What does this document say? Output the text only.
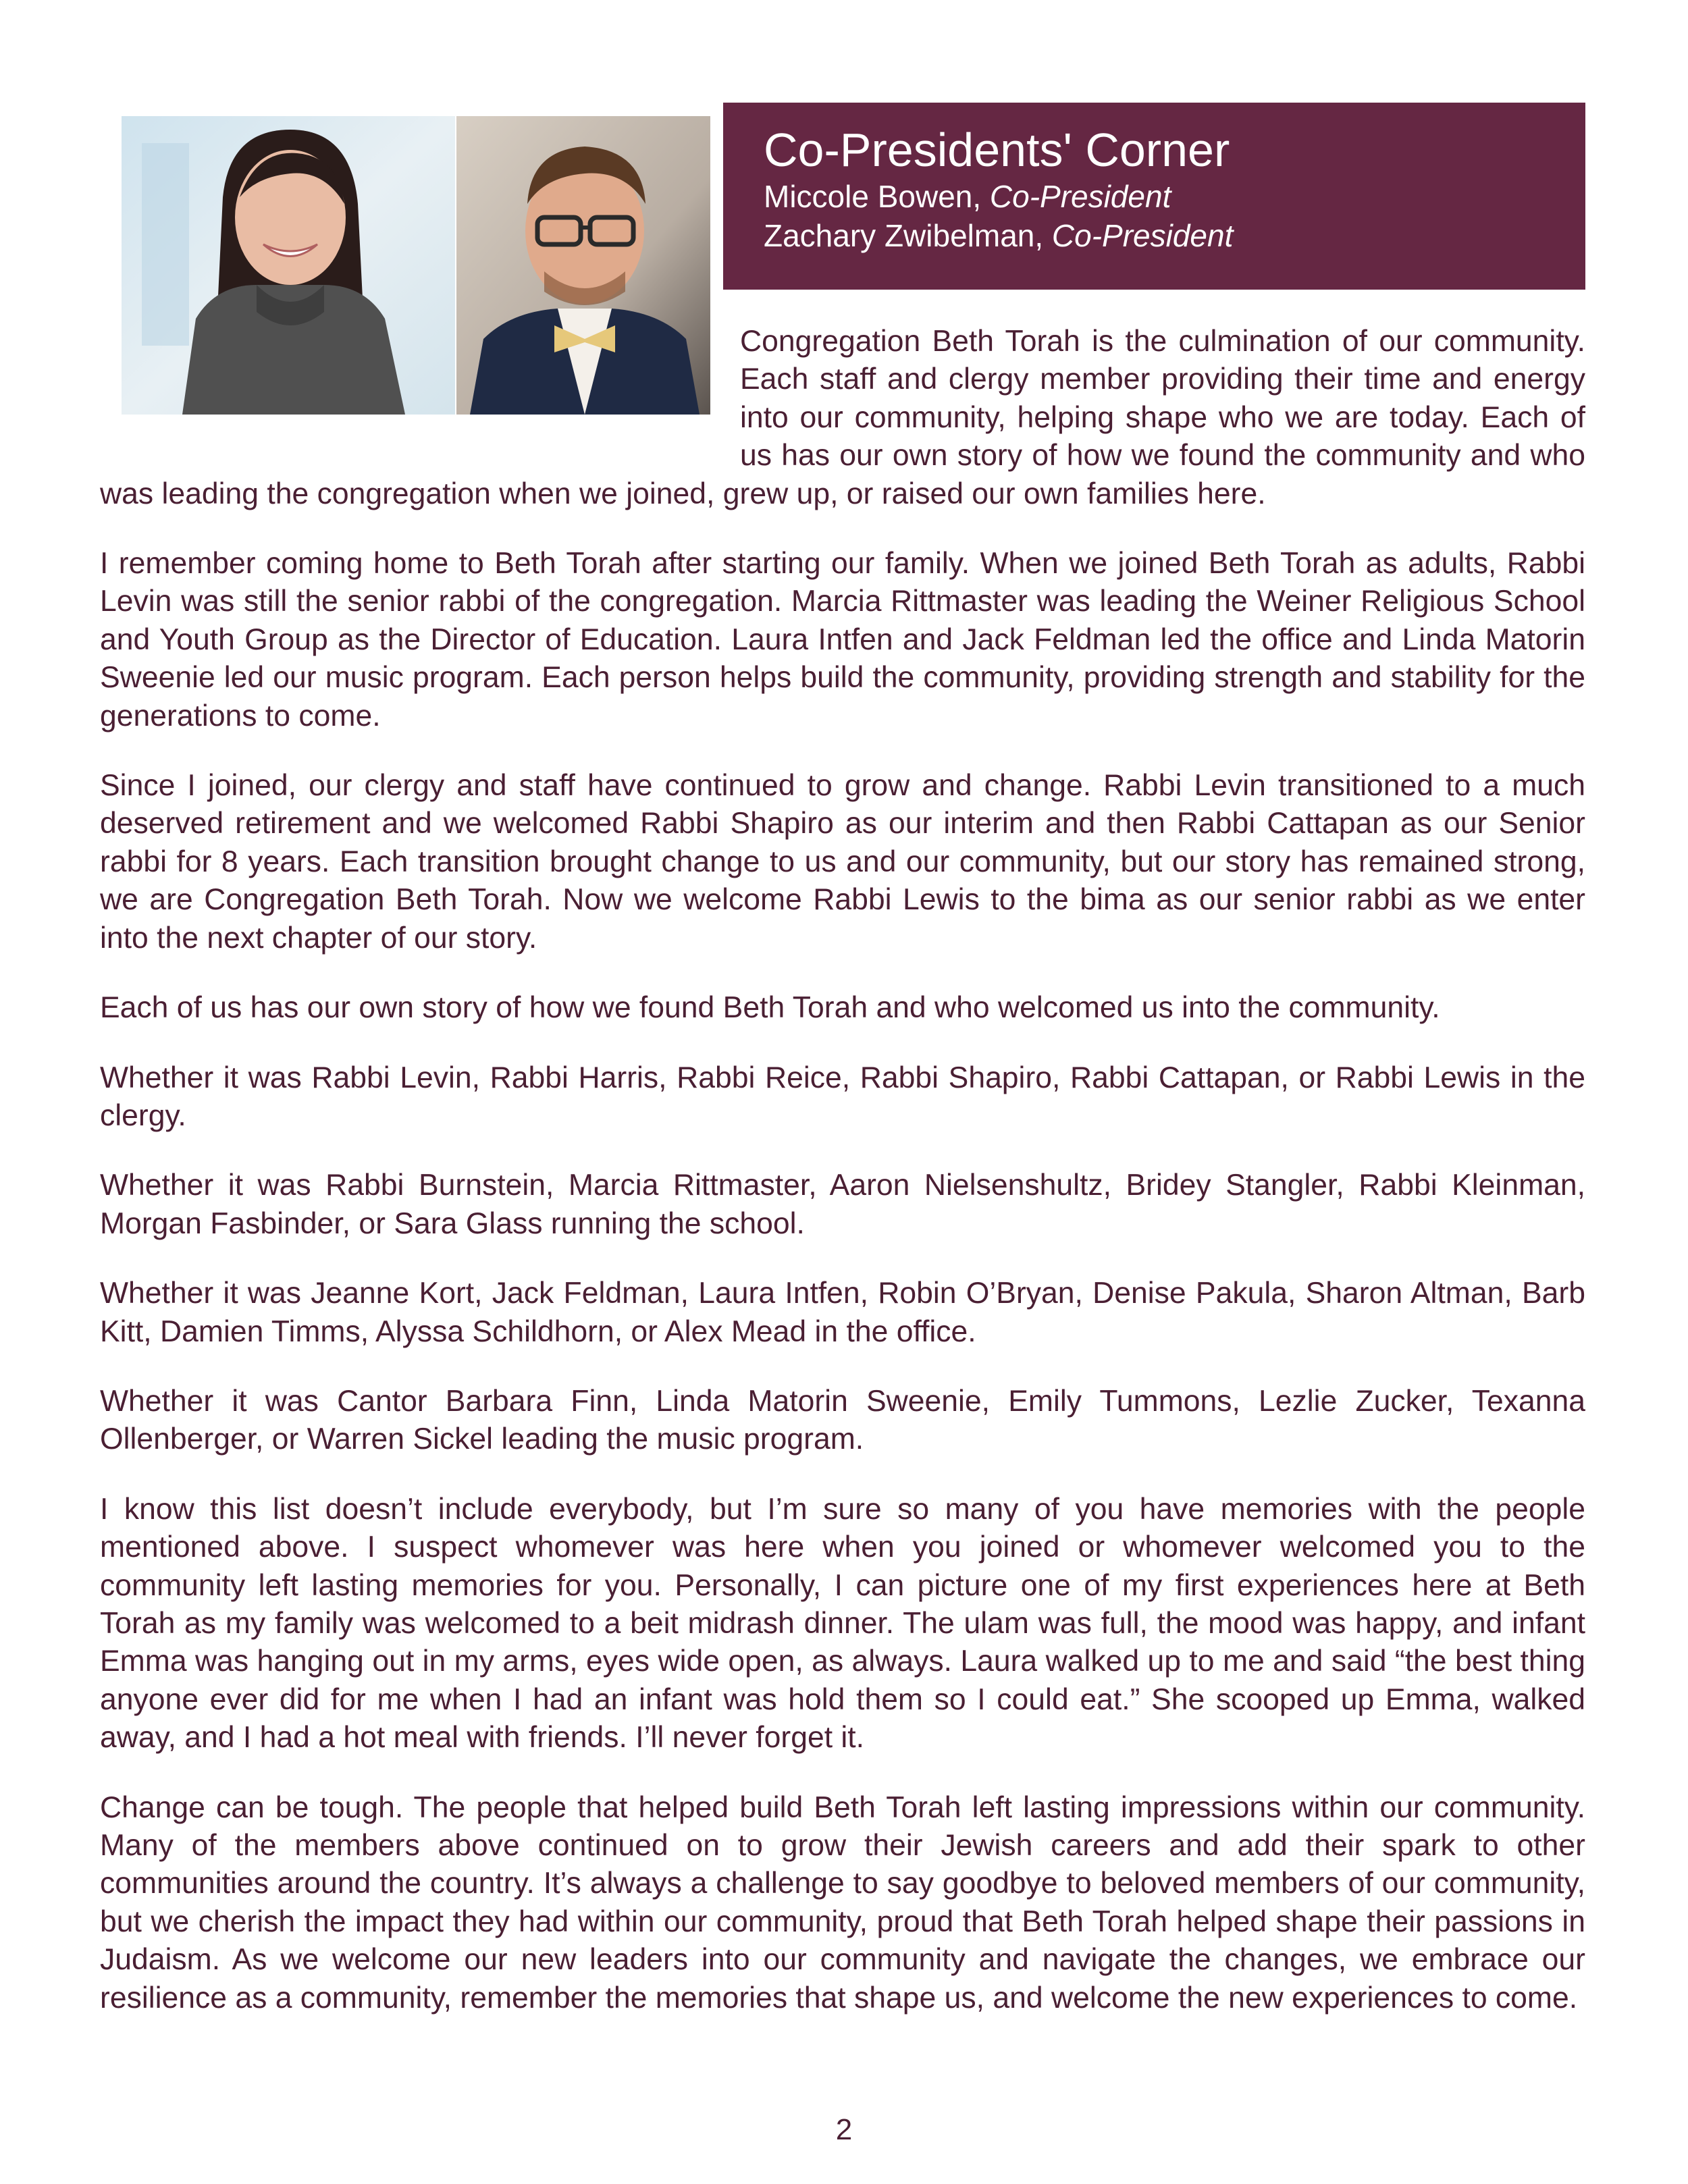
Co-Presidents' Corner
Miccole Bowen, Co-President
Zachary Zwibelman, Co-President

Congregation Beth Torah is the culmination of our community. Each staff and clergy member providing their time and energy into our community, helping shape who we are today. Each of us has our own story of how we found the community and who was leading the congregation when we joined, grew up, or raised our own families here.

I remember coming home to Beth Torah after starting our family. When we joined Beth Torah as adults, Rabbi Levin was still the senior rabbi of the congregation. Marcia Rittmaster was leading the Weiner Religious School and Youth Group as the Director of Education. Laura Intfen and Jack Feldman led the office and Linda Matorin Sweenie led our music program. Each person helps build the community, providing strength and stability for the generations to come.

Since I joined, our clergy and staff have continued to grow and change. Rabbi Levin transitioned to a much deserved retirement and we welcomed Rabbi Shapiro as our interim and then Rabbi Cattapan as our Senior rabbi for 8 years. Each transition brought change to us and our community, but our story has remained strong, we are Congregation Beth Torah. Now we welcome Rabbi Lewis to the bima as our senior rabbi as we enter into the next chapter of our story.

Each of us has our own story of how we found Beth Torah and who welcomed us into the community.

Whether it was Rabbi Levin, Rabbi Harris, Rabbi Reice, Rabbi Shapiro, Rabbi Cattapan, or Rabbi Lewis in the clergy.

Whether it was Rabbi Burnstein, Marcia Rittmaster, Aaron Nielsenshultz, Bridey Stangler, Rabbi Kleinman, Morgan Fasbinder, or Sara Glass running the school.

Whether it was Jeanne Kort, Jack Feldman, Laura Intfen, Robin O’Bryan, Denise Pakula, Sharon Altman, Barb Kitt, Damien Timms, Alyssa Schildhorn, or Alex Mead in the office.

Whether it was Cantor Barbara Finn, Linda Matorin Sweenie, Emily Tummons, Lezlie Zucker, Texanna Ollenberger, or Warren Sickel leading the music program.

I know this list doesn’t include everybody, but I’m sure so many of you have memories with the people mentioned above. I suspect whomever was here when you joined or whomever welcomed you to the community left lasting memories for you. Personally, I can picture one of my first experiences here at Beth Torah as my family was welcomed to a beit midrash dinner. The ulam was full, the mood was happy, and infant Emma was hanging out in my arms, eyes wide open, as always. Laura walked up to me and said “the best thing anyone ever did for me when I had an infant was hold them so I could eat.” She scooped up Emma, walked away, and I had a hot meal with friends. I’ll never forget it.

Change can be tough. The people that helped build Beth Torah left lasting impressions within our community. Many of the members above continued on to grow their Jewish careers and add their spark to other communities around the country. It’s always a challenge to say goodbye to beloved members of our community, but we cherish the impact they had within our community, proud that Beth Torah helped shape their passions in Judaism. As we welcome our new leaders into our community and navigate the changes, we embrace our resilience as a community, remember the memories that shape us, and welcome the new experiences to come.

2
